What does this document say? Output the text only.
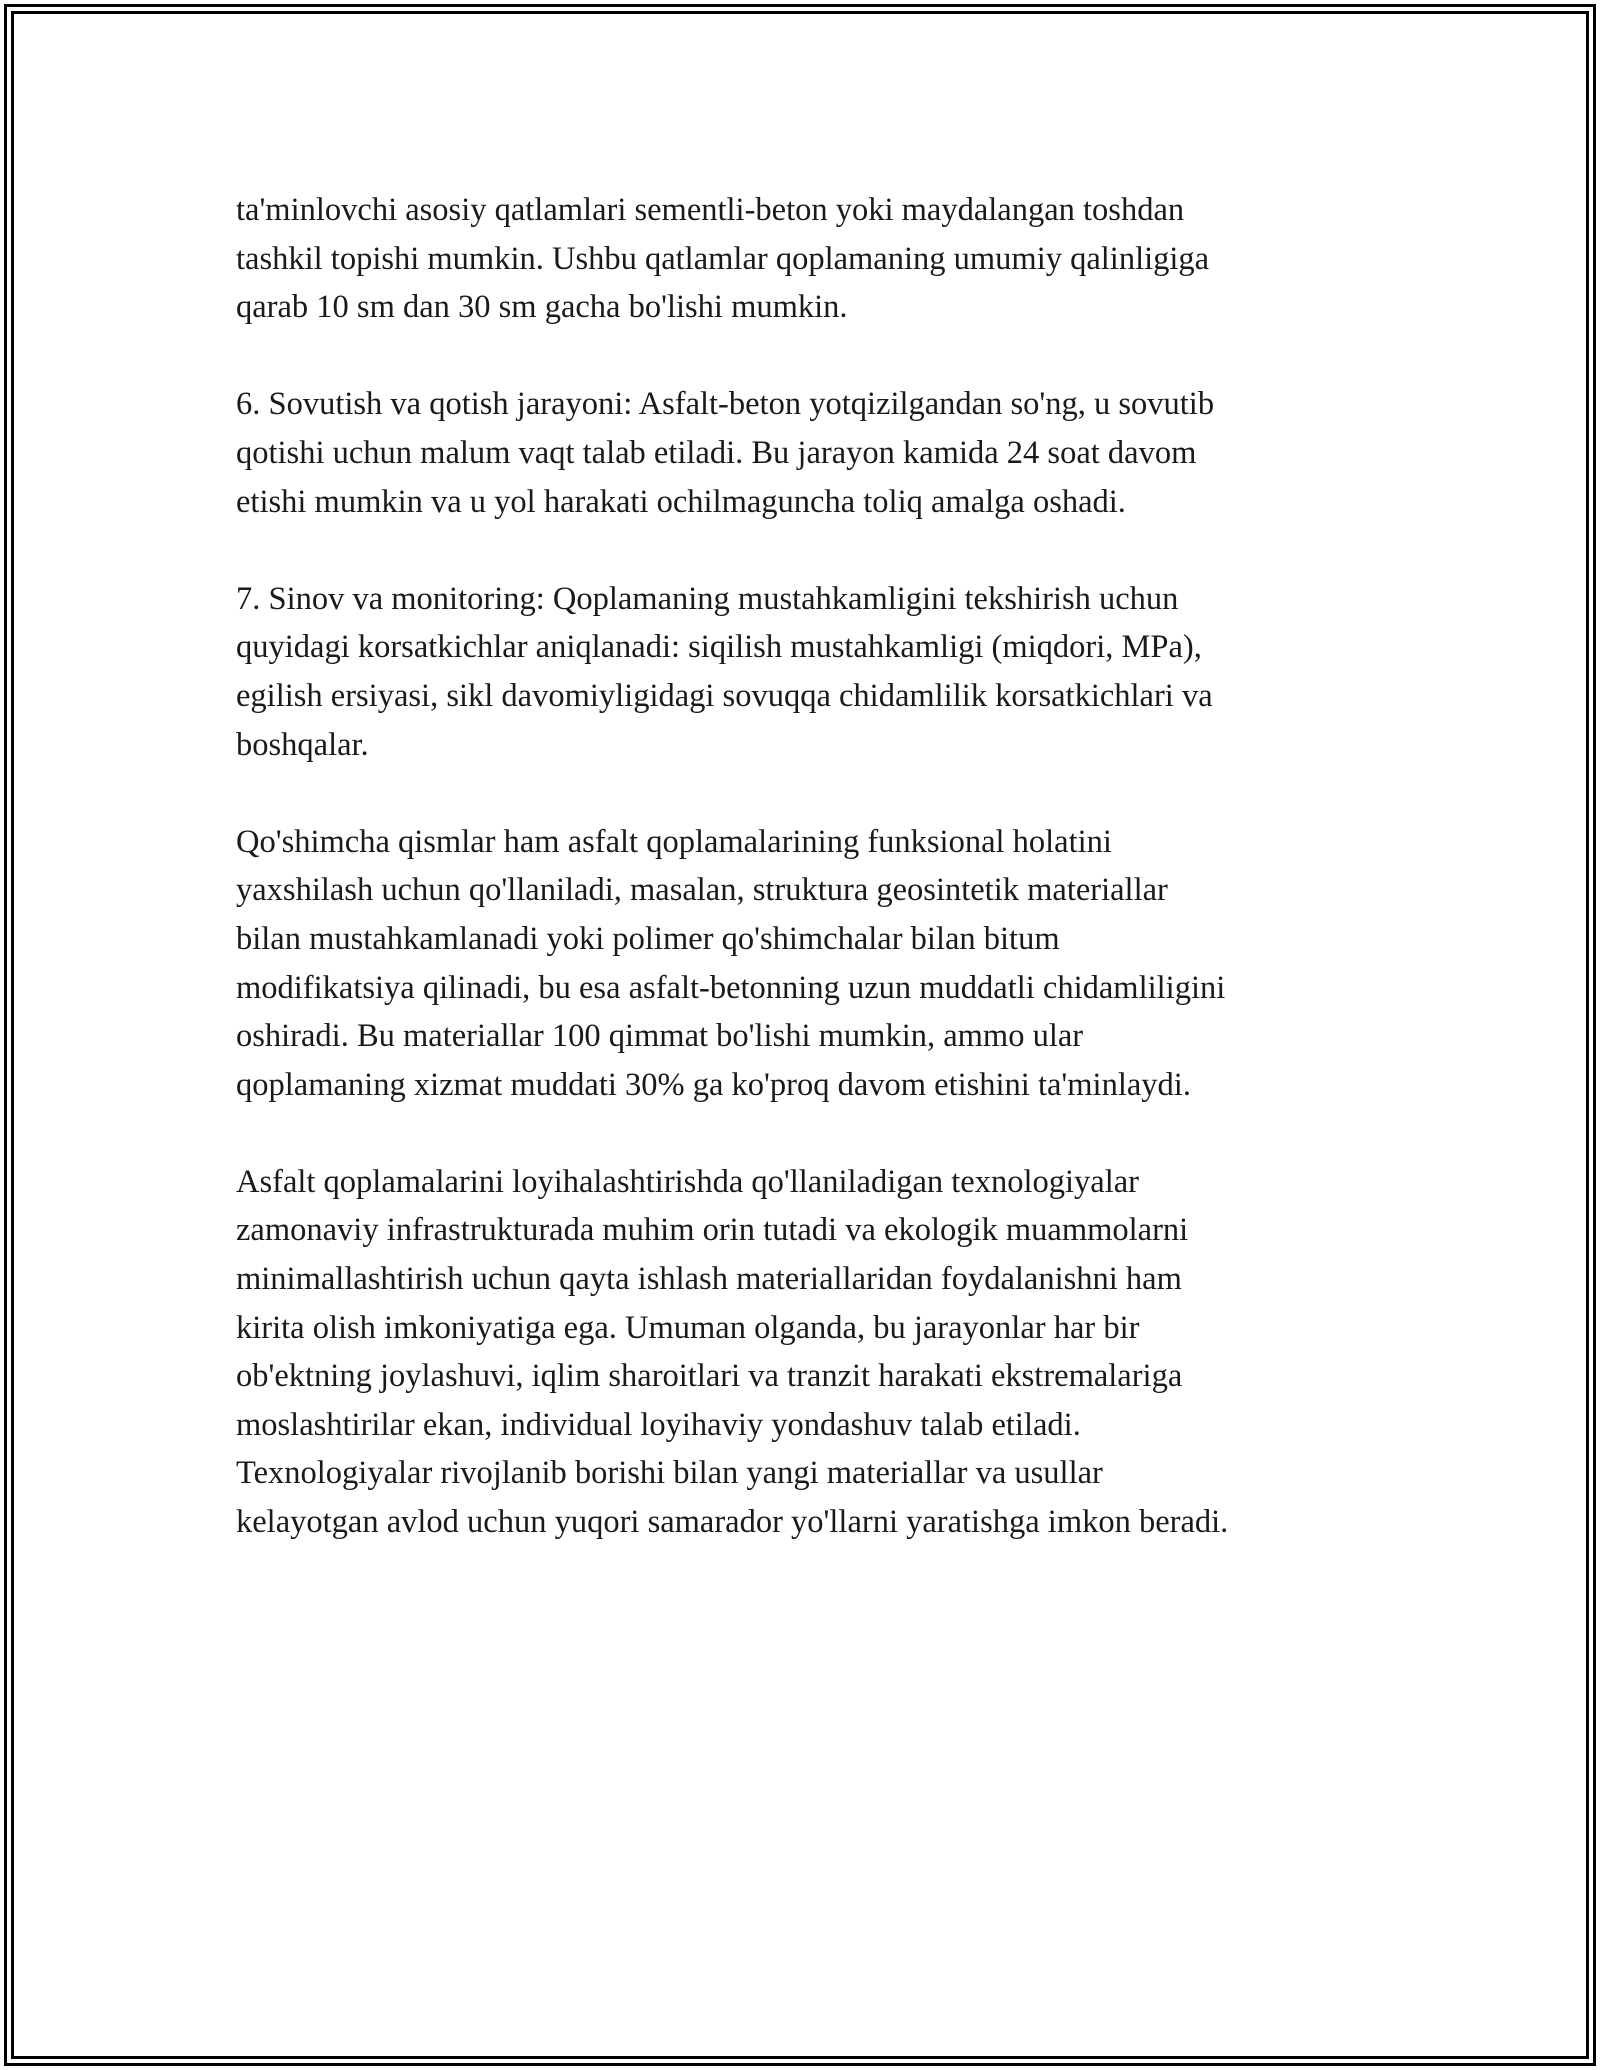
ta'minlovchi asosiy qatlamlari sementli-beton yoki maydalangan toshdan
tashkil topishi mumkin. Ushbu qatlamlar qoplamaning umumiy qalinligiga
qarab 10 sm dan 30 sm gacha bo'lishi mumkin.

6. Sovutish va qotish jarayoni: Asfalt-beton yotqizilgandan so'ng, u sovutib
qotishi uchun malum vaqt talab etiladi. Bu jarayon kamida 24 soat davom
etishi mumkin va u yol harakati ochilmaguncha toliq amalga oshadi.

7. Sinov va monitoring: Qoplamaning mustahkamligini tekshirish uchun
quyidagi korsatkichlar aniqlanadi: siqilish mustahkamligi (miqdori, MPa),
egilish ersiyasi, sikl davomiyligidagi sovuqqa chidamlilik korsatkichlari va
boshqalar.

Qo'shimcha qismlar ham asfalt qoplamalarining funksional holatini
yaxshilash uchun qo'llaniladi, masalan, struktura geosintetik materiallar
bilan mustahkamlanadi yoki polimer qo'shimchalar bilan bitum
modifikatsiya qilinadi, bu esa asfalt-betonning uzun muddatli chidamliligini
oshiradi. Bu materiallar 100 qimmat bo'lishi mumkin, ammo ular
qoplamaning xizmat muddati 30% ga ko'proq davom etishini ta'minlaydi.

Asfalt qoplamalarini loyihalashtirishda qo'llaniladigan texnologiyalar
zamonaviy infrastrukturada muhim orin tutadi va ekologik muammolarni
minimallashtirish uchun qayta ishlash materiallaridan foydalanishni ham
kirita olish imkoniyatiga ega. Umuman olganda, bu jarayonlar har bir
ob'ektning joylashuvi, iqlim sharoitlari va tranzit harakati ekstremalariga
moslashtirilar ekan, individual loyihaviy yondashuv talab etiladi.
Texnologiyalar rivojlanib borishi bilan yangi materiallar va usullar
kelayotgan avlod uchun yuqori samarador yo'llarni yaratishga imkon beradi.
